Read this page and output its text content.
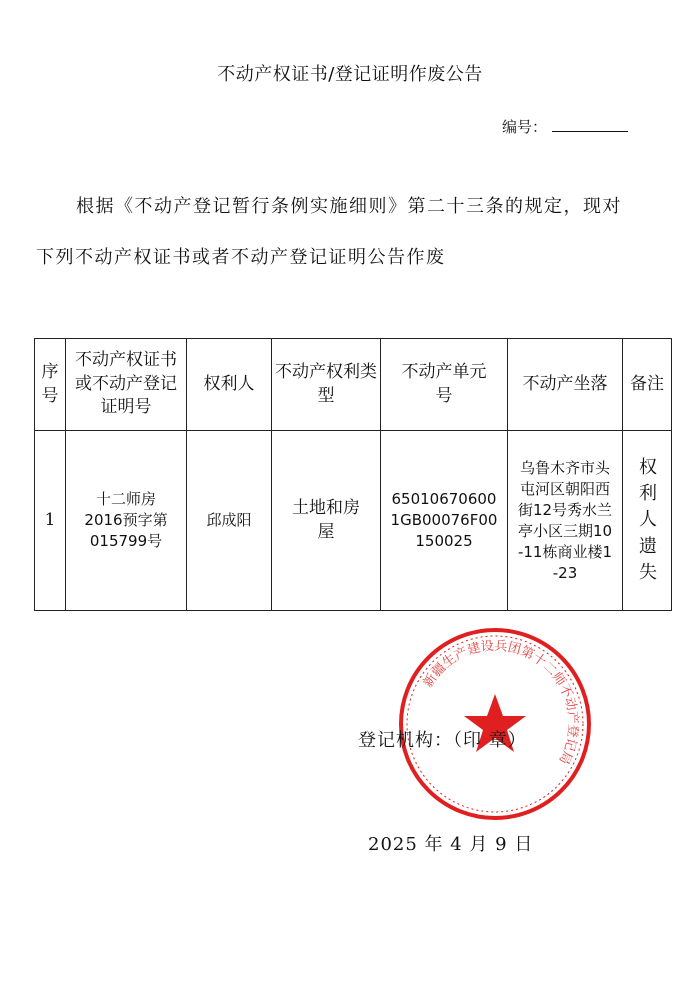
不动产权证书/登记证明作废公告
编号：
根据《不动产登记暂行条例实施细则》第二十三条的规定，现对
下列不动产权证书或者不动产登记证明公告作废
序号	不动产权证书或不动产登记证明号	权利人	不动产权利类型	不动产单元号	不动产坐落	备注
1	十二师房2016预字第015799号	邱成阳	土地和房屋	650106706001GB00076F00150025	乌鲁木齐市头屯河区朝阳西街12号秀水兰亭小区三期10-11栋商业楼1-23	权利人遗失
新疆生产建设兵团第十二师不动产登记局
登记机构：（印 章）
2025 年 4 月 9 日
